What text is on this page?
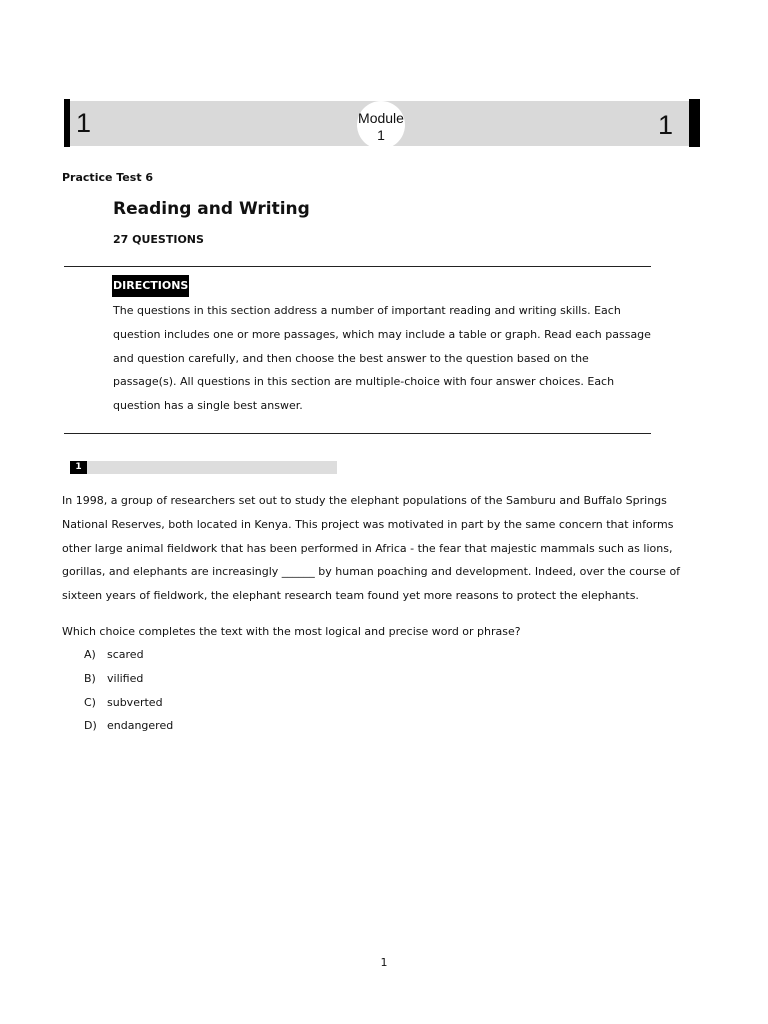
1	1
Module
1
Practice Test 6
Reading and Writing
27 QUESTIONS
DIRECTIONS

The questions in this section address a number of important reading and writing skills. Each question includes one or more passages, which may include a table or graph. Read each passage and question carefully, and then choose the best answer to the question based on the passage(s). All questions in this section are multiple-choice with four answer choices. Each question has a single best answer.

1

In 1998, a group of researchers set out to study the elephant populations of the Samburu and Buffalo Springs National Reserves, both located in Kenya. This project was motivated in part by the same concern that informs other large animal fieldwork that has been performed in Africa - the fear that majestic mammals such as lions, gorillas, and elephants are increasingly ______ by human poaching and development. Indeed, over the course of sixteen years of fieldwork, the elephant research team found yet more reasons to protect the elephants.

Which choice completes the text with the most logical and precise word or phrase?

A)	scared
B)	vilified
C)	subverted
D) endangered
1
